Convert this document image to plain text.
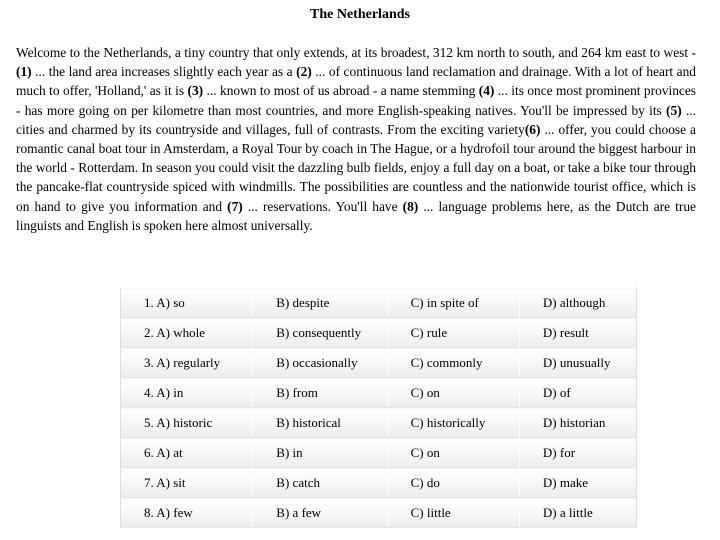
The Netherlands
Welcome to the Netherlands, a tiny country that only extends, at its broadest, 312 km north to south, and 264 km east to west - (1) ... the land area increases slightly each year as a (2) ... of continuous land reclamation and drainage. With a lot of heart and much to offer, 'Holland,' as it is (3) ... known to most of us abroad - a name stemming (4) ... its once most prominent provinces - has more going on per kilometre than most countries, and more English-speaking natives. You'll be impressed by its (5) ... cities and charmed by its countryside and villages, full of contrasts. From the exciting variety(6) ... offer, you could choose a romantic canal boat tour in Amsterdam, a Royal Tour by coach in The Hague, or a hydrofoil tour around the biggest harbour in the world - Rotterdam. In season you could visit the dazzling bulb fields, enjoy a full day on a boat, or take a bike tour through the pancake-flat countryside spiced with windmills. The possibilities are countless and the nationwide tourist office, which is on hand to give you information and (7) ... reservations. You'll have (8) ... language problems here, as the Dutch are true linguists and English is spoken here almost universally.
1. A) so	B) despite	C) in spite of	D) although
2. A) whole	B) consequently	C) rule	D) result
3. A) regularly	B) occasionally	C) commonly	D) unusually
4. A) in	B) from	C) on	D) of
5. A) historic	B) historical	C) historically	D) historian
6. A) at	B) in	C) on	D) for
7. A) sit	B) catch	C) do	D) make
8. A) few	B) a few	C) little	D) a little
